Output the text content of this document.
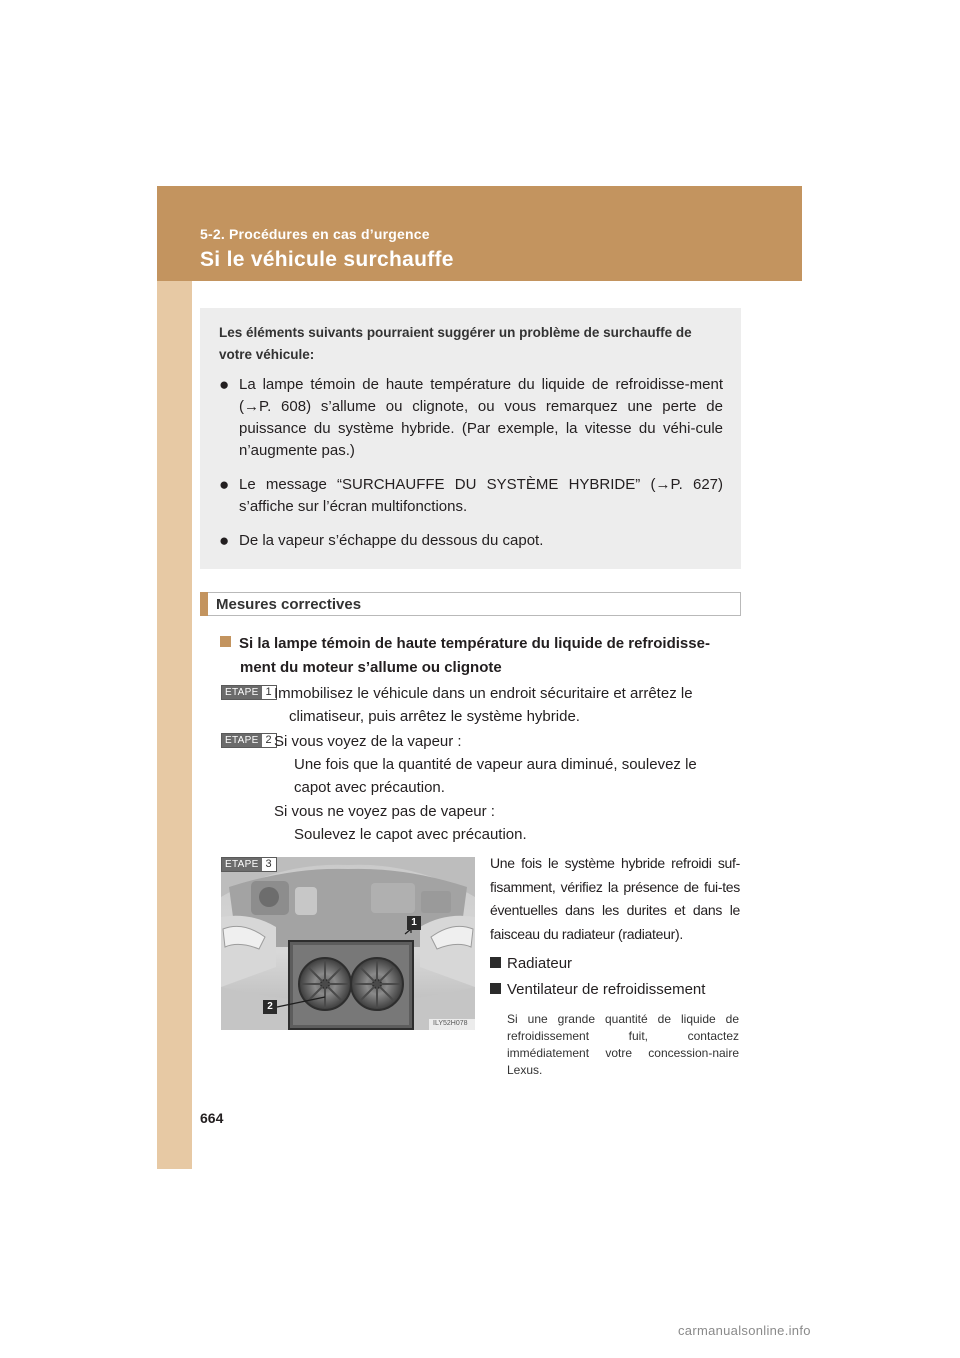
5-2. Procédures en cas d’urgence
Si le véhicule surchauffe
Les éléments suivants pourraient suggérer un problème de surchauffe de votre véhicule:
● La lampe témoin de haute température du liquide de refroidisse-ment (→P. 608) s’allume ou clignote, ou vous remarquez une perte de puissance du système hybride. (Par exemple, la vitesse du véhi-cule n’augmente pas.)
● Le message “SURCHAUFFE DU SYSTÈME HYBRIDE” (→P. 627) s’affiche sur l’écran multifonctions.
● De la vapeur s’échappe du dessous du capot.
Mesures correctives
Si la lampe témoin de haute température du liquide de refroidisse-
ment du moteur s’allume ou clignote
ETAPE 1 Immobilisez le véhicule dans un endroit sécuritaire et arrêtez le
climatiseur, puis arrêtez le système hybride.
ETAPE 2 Si vous voyez de la vapeur :
Une fois que la quantité de vapeur aura diminué, soulevez le
capot avec précaution.
Si vous ne voyez pas de vapeur :
Soulevez le capot avec précaution.
1
2
ILY52H078
ETAPE 3	Une fois le système hybride refroidi suf-fisamment, vérifiez la présence de fui-tes éventuelles dans les durites et dans le faisceau du radiateur (radiateur).
Radiateur
Ventilateur de refroidissement
Si une grande quantité de liquide de refroidissement fuit, contactez immédiatement votre concession-naire Lexus.
664
carmanualsonline.info
